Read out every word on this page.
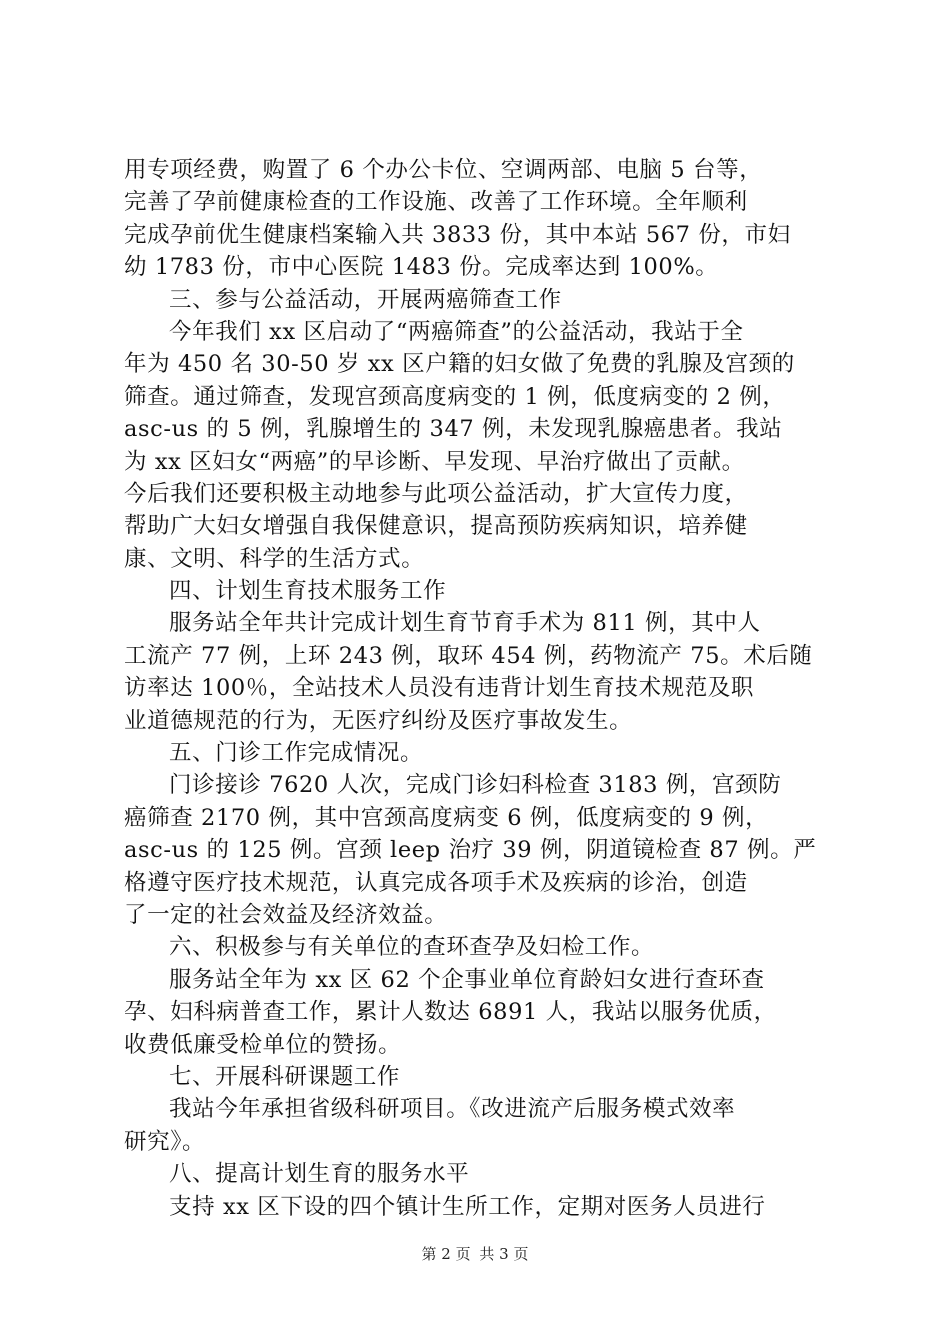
用专项经费，购置了 6 个办公卡位、空调两部、电脑 5 台等，
完善了孕前健康检查的工作设施、改善了工作环境。全年顺利
完成孕前优生健康档案输入共 3833 份，其中本站 567 份，市妇
幼 1783 份，市中心医院 1483 份。完成率达到 100%。
三、参与公益活动，开展两癌筛查工作
今年我们 xx 区启动了“两癌筛查”的公益活动，我站于全
年为 450 名 30-50 岁 xx 区户籍的妇女做了免费的乳腺及宫颈的
筛查。通过筛查，发现宫颈高度病变的 1 例，低度病变的 2 例，
asc-us 的 5 例，乳腺增生的 347 例，未发现乳腺癌患者。我站
为 xx 区妇女“两癌”的早诊断、早发现、早治疗做出了贡献。
今后我们还要积极主动地参与此项公益活动，扩大宣传力度，
帮助广大妇女增强自我保健意识，提高预防疾病知识，培养健
康、文明、科学的生活方式。
四、计划生育技术服务工作
服务站全年共计完成计划生育节育手术为 811 例，其中人
工流产 77 例，上环 243 例，取环 454 例，药物流产 75。术后随
访率达 100％，全站技术人员没有违背计划生育技术规范及职
业道德规范的行为，无医疗纠纷及医疗事故发生。
五、门诊工作完成情况。
门诊接诊 7620 人次，完成门诊妇科检查 3183 例，宫颈防
癌筛查 2170 例，其中宫颈高度病变 6 例，低度病变的 9 例，
asc-us 的 125 例。宫颈 leep 治疗 39 例，阴道镜检查 87 例。严
格遵守医疗技术规范，认真完成各项手术及疾病的诊治，创造
了一定的社会效益及经济效益。
六、积极参与有关单位的查环查孕及妇检工作。
服务站全年为 xx 区 62 个企事业单位育龄妇女进行查环查
孕、妇科病普查工作，累计人数达 6891 人，我站以服务优质，
收费低廉受检单位的赞扬。
七、开展科研课题工作
我站今年承担省级科研项目。《改进流产后服务模式效率
研究》。
八、提高计划生育的服务水平
支持 xx 区下设的四个镇计生所工作，定期对医务人员进行
第 2 页 共 3 页
